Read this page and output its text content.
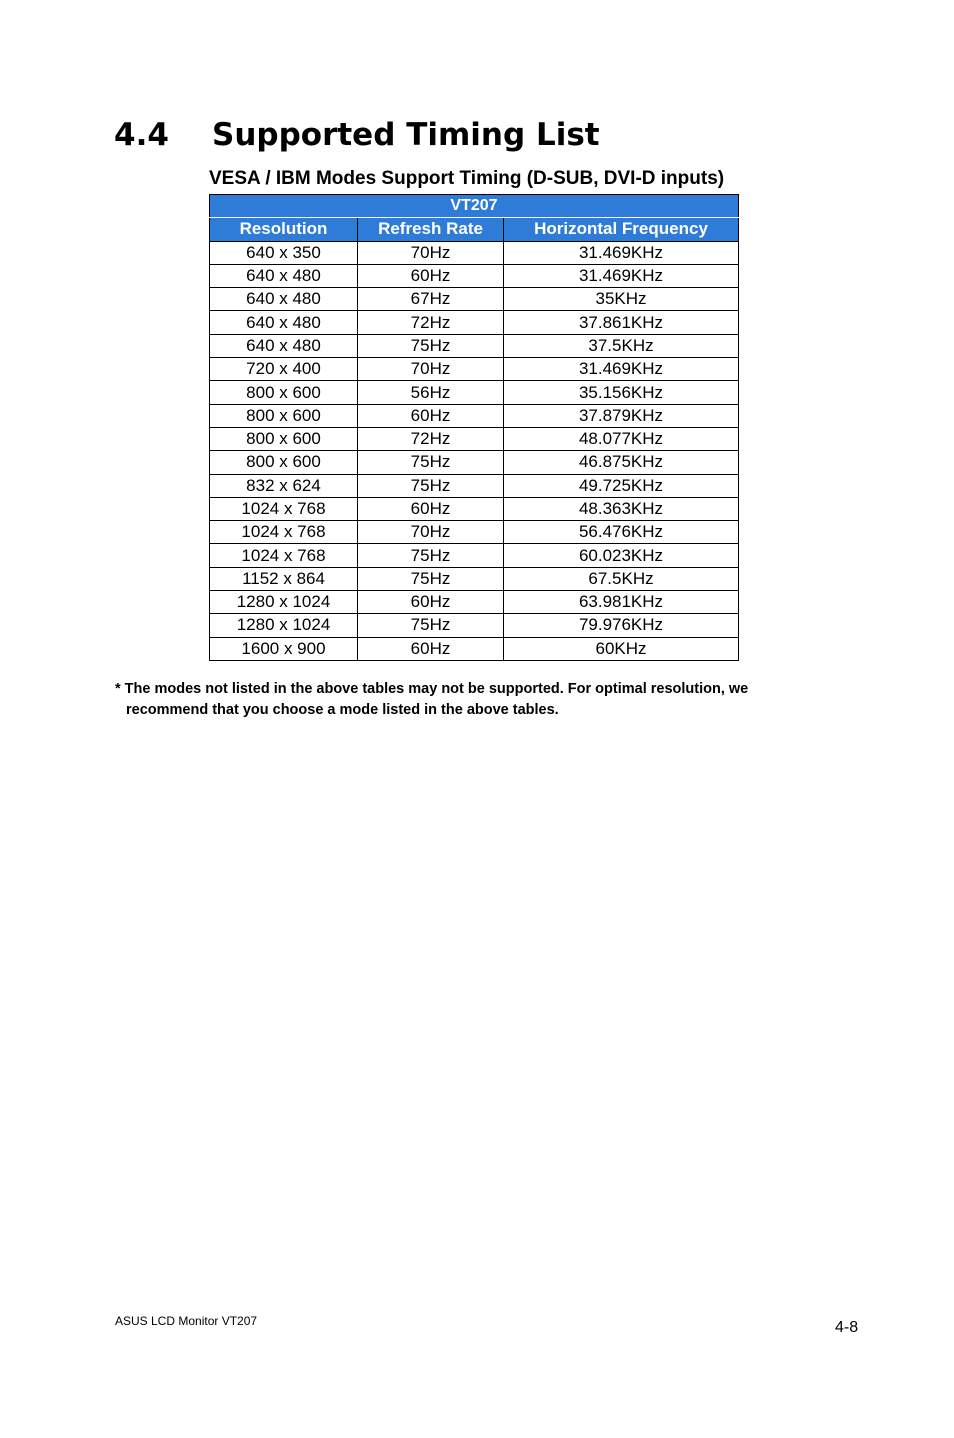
4.4 Supported Timing List
VESA / IBM Modes Support Timing (D-SUB, DVI-D inputs)
VT207		
Resolution	Refresh Rate	Horizontal Frequency
640 x 350	70Hz	31.469KHz
640 x 480	60Hz	31.469KHz
640 x 480	67Hz	35KHz
640 x 480	72Hz	37.861KHz
640 x 480	75Hz	37.5KHz
720 x 400	70Hz	31.469KHz
800 x 600	56Hz	35.156KHz
800 x 600	60Hz	37.879KHz
800 x 600	72Hz	48.077KHz
800 x 600	75Hz	46.875KHz
832 x 624	75Hz	49.725KHz
1024 x 768	60Hz	48.363KHz
1024 x 768	70Hz	56.476KHz
1024 x 768	75Hz	60.023KHz
1152 x 864	75Hz	67.5KHz
1280 x 1024	60Hz	63.981KHz
1280 x 1024	75Hz	79.976KHz
1600 x 900	60Hz	60KHz

* The modes not listed in the above tables may not be supported. For optimal resolution, we
recommend that you choose a mode listed in the above tables.

ASUS LCD Monitor VT207	4-8
